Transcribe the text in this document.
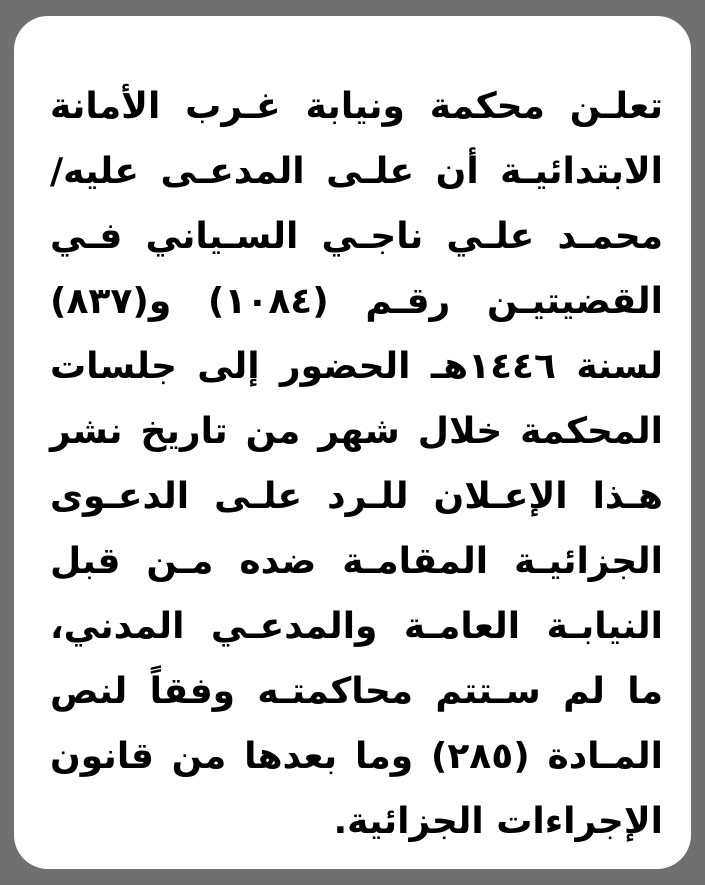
تعلـن محكمة ونيابة غـرب الأمانة
الابتدائيـة أن علـى المدعـى عليه/
محمـد علـي ناجـي السـياني فـي
القضيتيـن رقـم (١٠٨٤) و(٨٣٧)
لسنة ١٤٤٦هـ الحضور إلى جلسات
المحكمة خلال شهر من تاريخ نشر
هـذا الإعـلان للـرد علـى الدعـوى
الجزائيـة المقامـة ضده مـن قبل
النيابـة العامـة والمدعـي المدني،
ما لم سـتتم محاكمتـه وفقاً لنص
المـادة (٢٨٥) وما بعدها من قانون
الإجراءات الجزائية.
